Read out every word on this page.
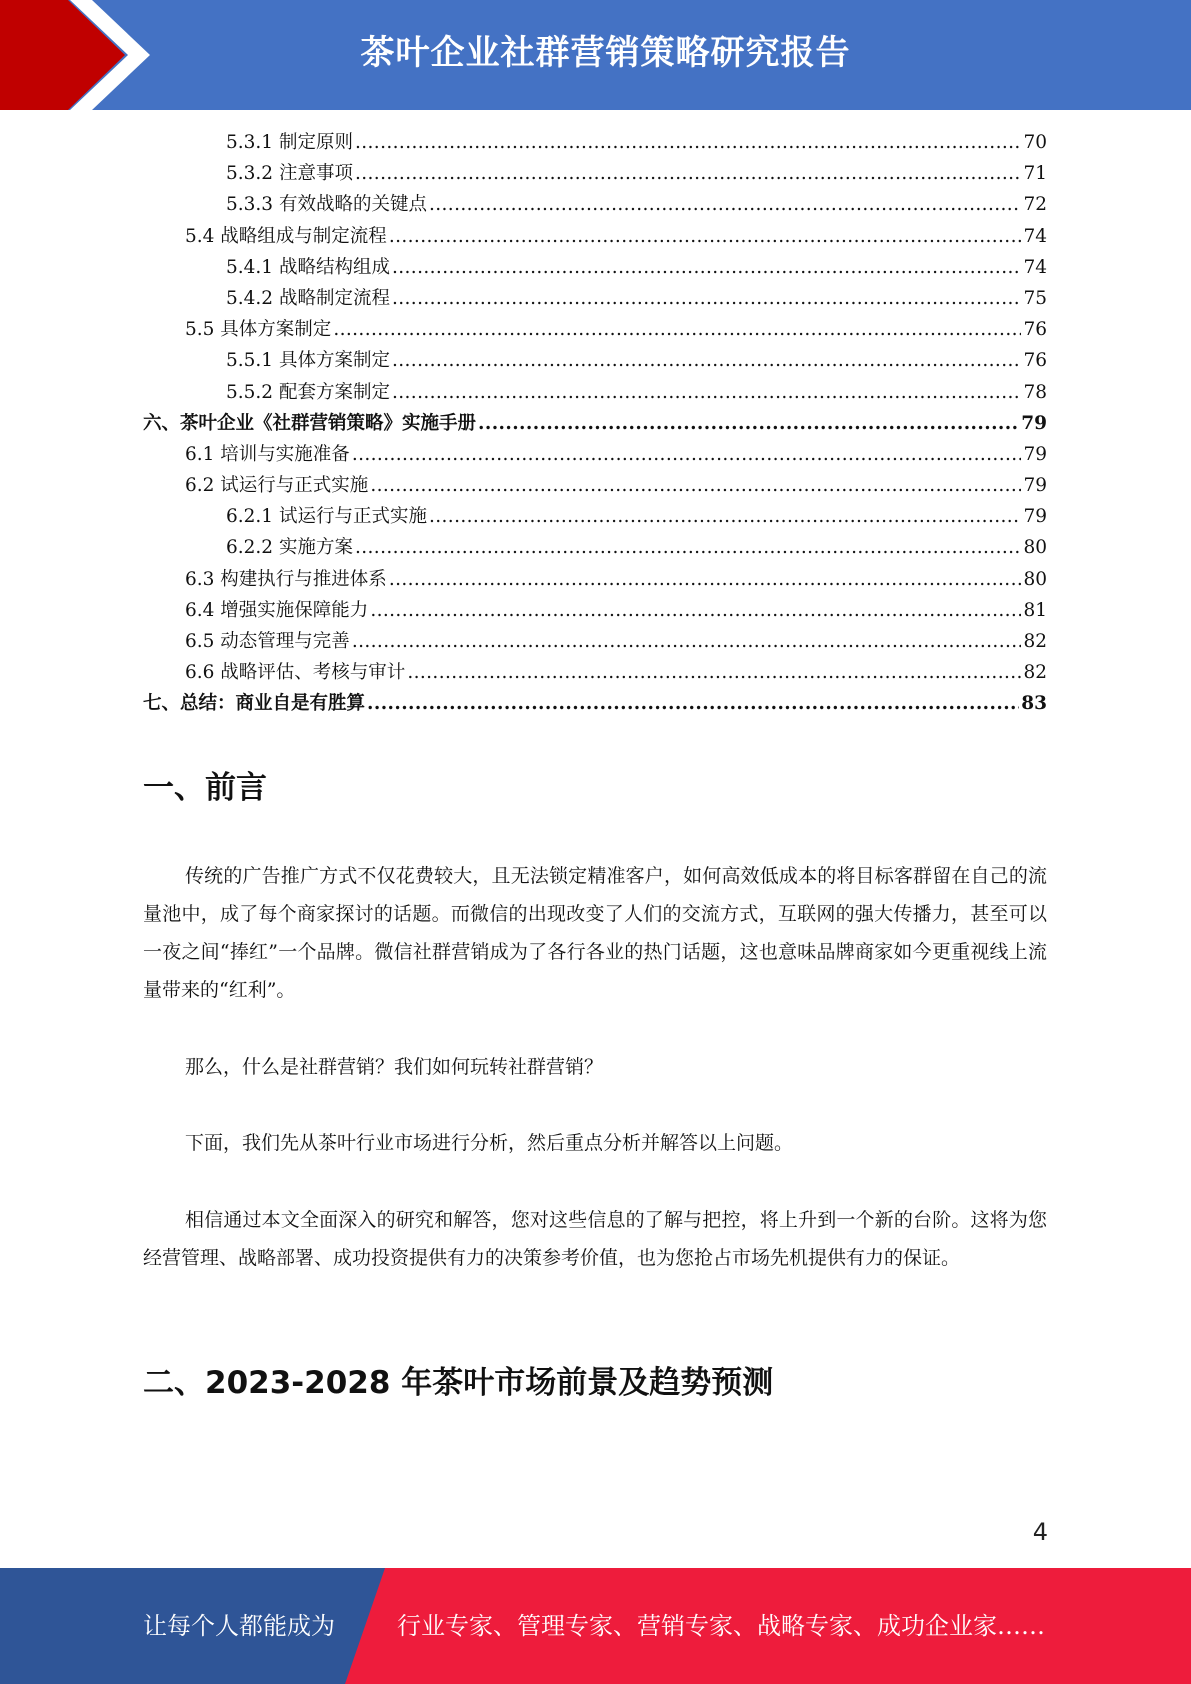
茶叶企业社群营销策略研究报告
5.3.1 制定原则 .....	70
5.3.2 注意事项 .....	71
5.3.3 有效战略的关键点 .....	72
5.4 战略组成与制定流程 .....	74
5.4.1 战略结构组成 .....	74
5.4.2 战略制定流程 .....	75
5.5 具体方案制定 .....	76
5.5.1 具体方案制定 .....	76
5.5.2 配套方案制定 .....	78
六、茶叶企业《社群营销策略》实施手册 .....	79
6.1 培训与实施准备 .....	79
6.2 试运行与正式实施 .....	79
6.2.1 试运行与正式实施 .....	79
6.2.2 实施方案 .....	80
6.3 构建执行与推进体系 .....	80
6.4 增强实施保障能力 .....	81
6.5 动态管理与完善 .....	82
6.6 战略评估、考核与审计 .....	82
七、总结：商业自是有胜算 .....	83
一、前言
传统的广告推广方式不仅花费较大，且无法锁定精准客户，如何高效低成本的将目标客群留在自己的流量池中，成了每个商家探讨的话题。而微信的出现改变了人们的交流方式，互联网的强大传播力，甚至可以一夜之间“捧红”一个品牌。微信社群营销成为了各行各业的热门话题，这也意味品牌商家如今更重视线上流量带来的“红利”。
那么，什么是社群营销？我们如何玩转社群营销？
下面，我们先从茶叶行业市场进行分析，然后重点分析并解答以上问题。
相信通过本文全面深入的研究和解答，您对这些信息的了解与把控，将上升到一个新的台阶。这将为您经营管理、战略部署、成功投资提供有力的决策参考价值，也为您抢占市场先机提供有力的保证。
二、2023-2028 年茶叶市场前景及趋势预测
4
让每个人都能成为	行业专家、管理专家、营销专家、战略专家、成功企业家……
